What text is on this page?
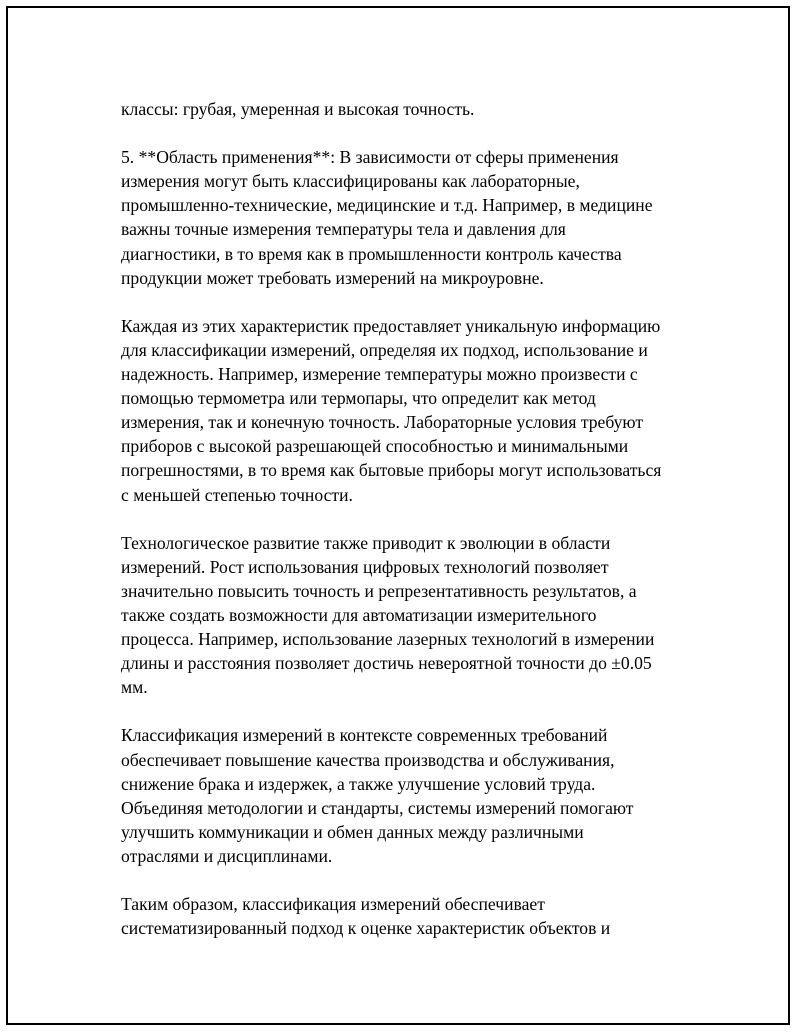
классы: грубая, умеренная и высокая точность.

5. **Область применения**: В зависимости от сферы применения
измерения могут быть классифицированы как лабораторные,
промышленно-технические, медицинские и т.д. Например, в медицине
важны точные измерения температуры тела и давления для
диагностики, в то время как в промышленности контроль качества
продукции может требовать измерений на микроуровне.

Каждая из этих характеристик предоставляет уникальную информацию
для классификации измерений, определяя их подход, использование и
надежность. Например, измерение температуры можно произвести с
помощью термометра или термопары, что определит как метод
измерения, так и конечную точность. Лабораторные условия требуют
приборов с высокой разрешающей способностью и минимальными
погрешностями, в то время как бытовые приборы могут использоваться
с меньшей степенью точности.

Технологическое развитие также приводит к эволюции в области
измерений. Рост использования цифровых технологий позволяет
значительно повысить точность и репрезентативность результатов, а
также создать возможности для автоматизации измерительного
процесса. Например, использование лазерных технологий в измерении
длины и расстояния позволяет достичь невероятной точности до ±0.05
мм.

Классификация измерений в контексте современных требований
обеспечивает повышение качества производства и обслуживания,
снижение брака и издержек, а также улучшение условий труда.
Объединяя методологии и стандарты, системы измерений помогают
улучшить коммуникации и обмен данных между различными
отраслями и дисциплинами.

Таким образом, классификация измерений обеспечивает
систематизированный подход к оценке характеристик объектов и
